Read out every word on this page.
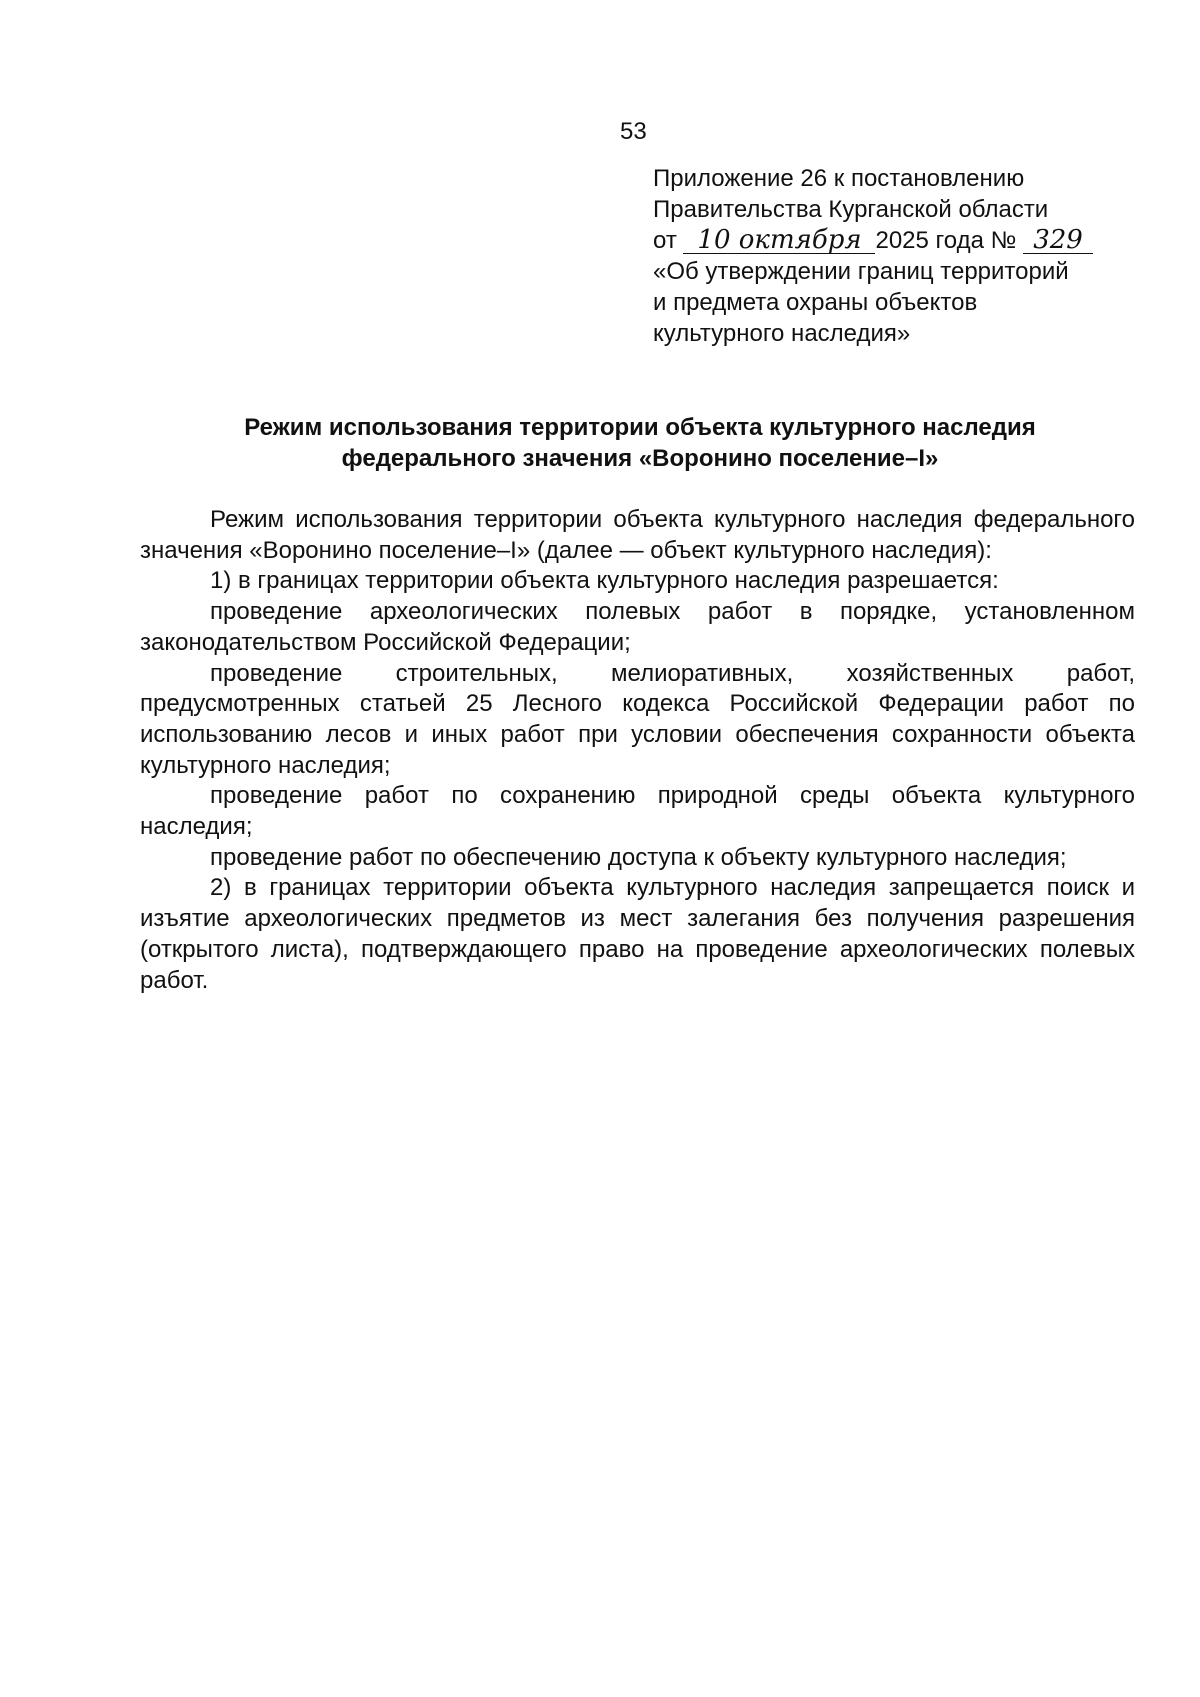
53
Приложение 26 к постановлению
Правительства Курганской области
от 10 октября 2025 года № 329
«Об утверждении границ территорий
и предмета охраны объектов
культурного наследия»
Режим использования территории объекта культурного наследия
федерального значения «Воронино поселение–I»

Режим использования территории объекта культурного наследия федерального значения «Воронино поселение–I» (далее — объект культурного наследия):

1) в границах территории объекта культурного наследия разрешается:

проведение археологических полевых работ в порядке, установленном законодательством Российской Федерации;

проведение строительных, мелиоративных, хозяйственных работ, предусмотренных статьей 25 Лесного кодекса Российской Федерации работ по использованию лесов и иных работ при условии обеспечения сохранности объекта культурного наследия;

проведение работ по сохранению природной среды объекта культурного наследия;

проведение работ по обеспечению доступа к объекту культурного наследия;

2) в границах территории объекта культурного наследия запрещается поиск и изъятие археологических предметов из мест залегания без получения разрешения (открытого листа), подтверждающего право на проведение археологических полевых работ.
